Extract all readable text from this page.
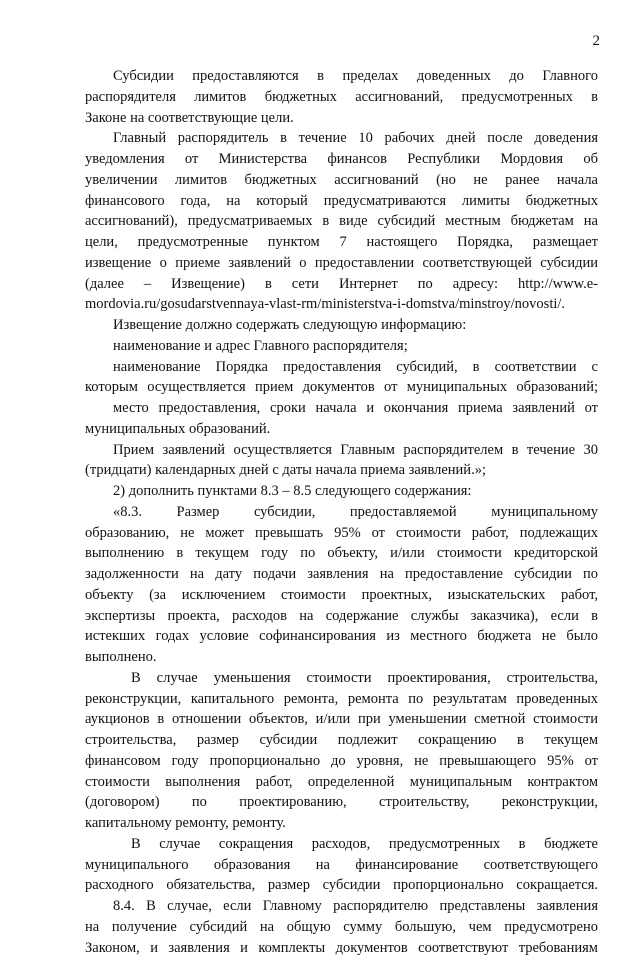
2
Субсидии предоставляются в пределах доведенных до Главного
распорядителя лимитов бюджетных ассигнований, предусмотренных в
Законе на соответствующие цели.
Главный распорядитель в течение 10 рабочих дней после доведения
уведомления от Министерства финансов Республики Мордовия об
увеличении лимитов бюджетных ассигнований (но не ранее начала
финансового года, на который предусматриваются лимиты бюджетных
ассигнований), предусматриваемых в виде субсидий местным бюджетам на
цели, предусмотренные пунктом 7 настоящего Порядка, размещает
извещение о приеме заявлений о предоставлении соответствующей субсидии
(далее – Извещение) в сети Интернет по адресу: http://www.e-
mordovia.ru/gosudarstvennaya-vlast-rm/ministerstva-i-domstva/minstroy/novosti/.
Извещение должно содержать следующую информацию:
наименование и адрес Главного распорядителя;
наименование Порядка предоставления субсидий, в соответствии с
которым осуществляется прием документов от муниципальных образований;
место предоставления, сроки начала и окончания приема заявлений от
муниципальных образований.
Прием заявлений осуществляется Главным распорядителем в течение 30
(тридцати) календарных дней с даты начала приема заявлений.»;
2) дополнить пунктами 8.3 – 8.5 следующего содержания:
«8.3. Размер субсидии, предоставляемой муниципальному
образованию, не может превышать 95% от стоимости работ, подлежащих
выполнению в текущем году по объекту, и/или стоимости кредиторской
задолженности на дату подачи заявления на предоставление субсидии по
объекту (за исключением стоимости проектных, изыскательских работ,
экспертизы проекта, расходов на содержание службы заказчика), если в
истекших годах условие софинансирования из местного бюджета не было
выполнено.
В случае уменьшения стоимости проектирования, строительства,
реконструкции, капитального ремонта, ремонта по результатам проведенных
аукционов в отношении объектов, и/или при уменьшении сметной стоимости
строительства, размер субсидии подлежит сокращению в текущем
финансовом году пропорционально до уровня, не превышающего 95% от
стоимости выполнения работ, определенной муниципальным контрактом
(договором) по проектированию, строительству, реконструкции,
капитальному ремонту, ремонту.
В случае сокращения расходов, предусмотренных в бюджете
муниципального образования на финансирование соответствующего
расходного обязательства, размер субсидии пропорционально сокращается.
8.4. В случае, если Главному распорядителю представлены заявления
на получение субсидий на общую сумму большую, чем предусмотрено
Законом, и заявления и комплекты документов соответствуют требованиям
